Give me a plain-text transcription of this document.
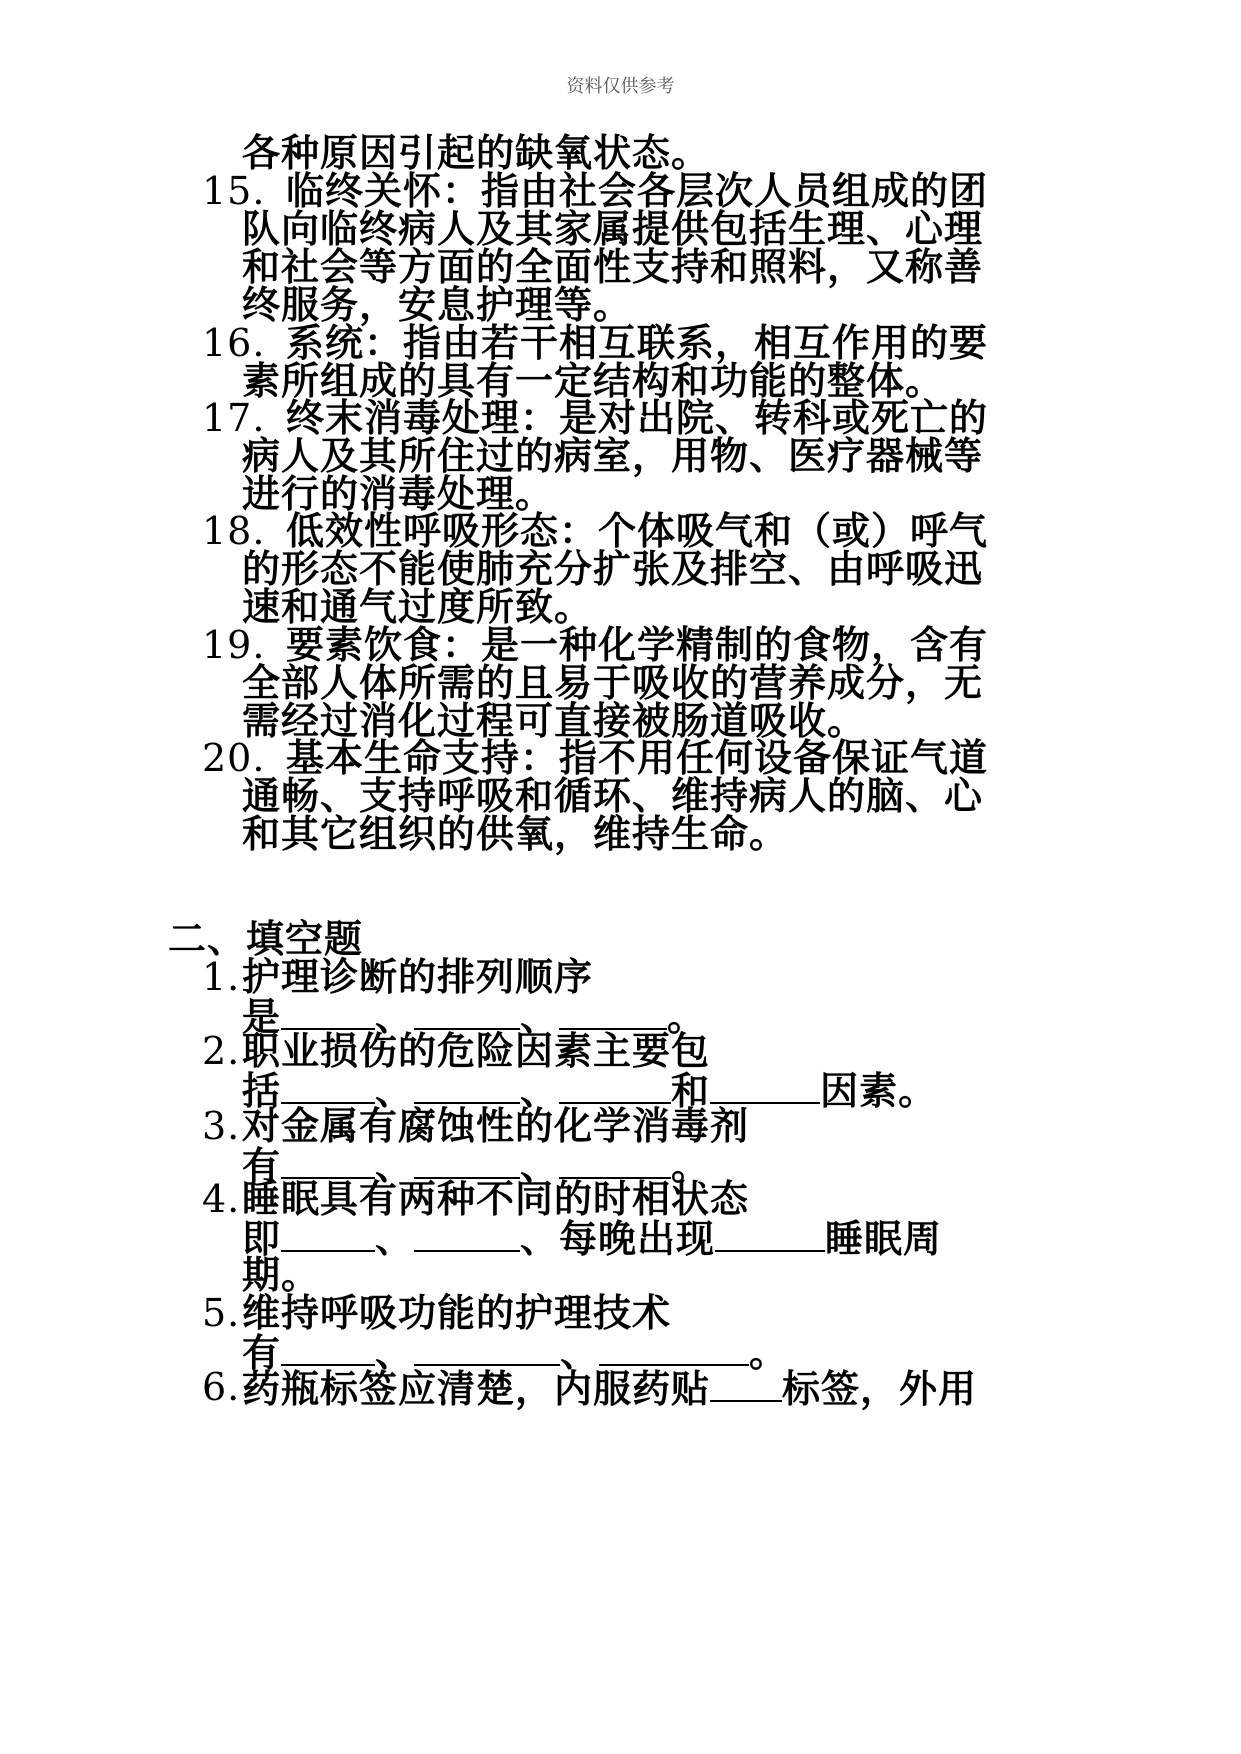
资料仅供参考
各种原因引起的缺氧状态。
15. 临终关怀：指由社会各层次人员组成的团
队向临终病人及其家属提供包括生理、心理
和社会等方面的全面性支持和照料，又称善
终服务，安息护理等。
16. 系统：指由若干相互联系，相互作用的要
素所组成的具有一定结构和功能的整体。
17. 终末消毒处理：是对出院、转科或死亡的
病人及其所住过的病室，用物、医疗器械等
进行的消毒处理。
18. 低效性呼吸形态：个体吸气和（或）呼气
的形态不能使肺充分扩张及排空、由呼吸迅
速和通气过度所致。
19. 要素饮食：是一种化学精制的食物，含有
全部人体所需的且易于吸收的营养成分，无
需经过消化过程可直接被肠道吸收。
20. 基本生命支持：指不用任何设备保证气道
通畅、支持呼吸和循环、维持病人的脑、心
和其它组织的供氧，维持生命。
二、填空题
1. 护理诊断的排列顺序
是 、	、	。
2. 职业损伤的危险因素主要包
括 、	、	和	因素。
3. 对金属有腐蚀性的化学消毒剂
有 、	、	。
4. 睡眠具有两种不同的时相状态
即 、	、每晚出现	睡眠周
期。
5. 维持呼吸功能的护理技术
有 、	、	。
6. 药瓶标签应清楚，内服药贴 标签，外用
